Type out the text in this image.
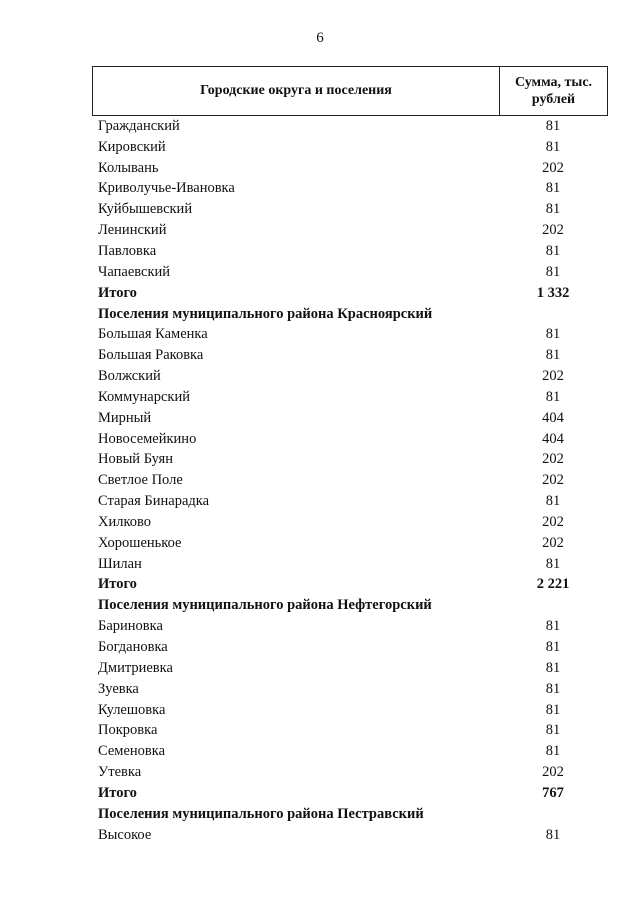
6
Городские округа и поселения
Сумма, тыс.
рублей
Гражданский	81
Кировский	81
Колывань	202
Криволучье-Ивановка	81
Куйбышевский	81
Ленинский	202
Павловка	81
Чапаевский	81
Итого	1 332
Поселения муниципального района Красноярский
Большая Каменка	81
Большая Раковка	81
Волжский	202
Коммунарский	81
Мирный	404
Новосемейкино	404
Новый Буян	202
Светлое Поле	202
Старая Бинарадка	81
Хилково	202
Хорошенькое	202
Шилан	81
Итого	2 221
Поселения муниципального района Нефтегорский
Бариновка	81
Богдановка	81
Дмитриевка	81
Зуевка	81
Кулешовка	81
Покровка	81
Семеновка	81
Утевка	202
Итого	767
Поселения муниципального района Пестравский
Высокое	81
